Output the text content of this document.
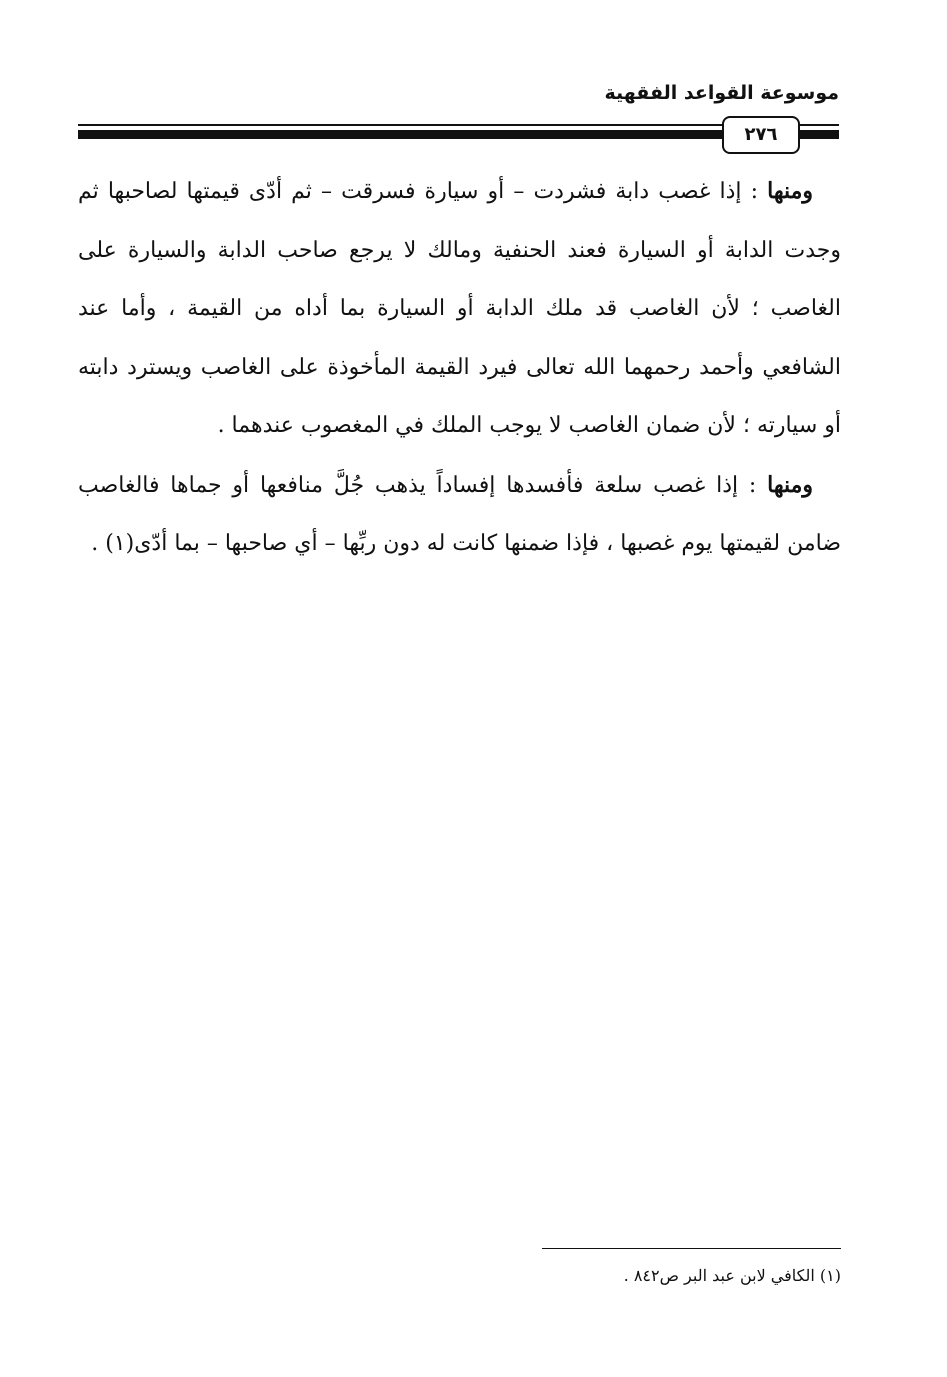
موسوعة القواعد الفقهية
٢٧٦

ومنها : إذا غصب دابة فشردت – أو سيارة فسرقت – ثم أدّى قيمتها لصاحبها ثم وجدت الدابة أو السيارة فعند الحنفية ومالك لا يرجع صاحب الدابة والسيارة على الغاصب ؛ لأن الغاصب قد ملك الدابة أو السيارة بما أداه من القيمة ، وأما عند الشافعي وأحمد رحمهما الله تعالى فيرد القيمة المأخوذة على الغاصب ويسترد دابته أو سيارته ؛ لأن ضمان الغاصب لا يوجب الملك في المغصوب عندهما .

ومنها : إذا غصب سلعة فأفسدها إفساداً يذهب جُلَّ منافعها أو جماها فالغاصب ضامن لقيمتها يوم غصبها ، فإذا ضمنها كانت له دون ربِّها – أي صاحبها – بما أدّى(١) .

(١) الكافي لابن عبد البر ص٨٤٢ .
